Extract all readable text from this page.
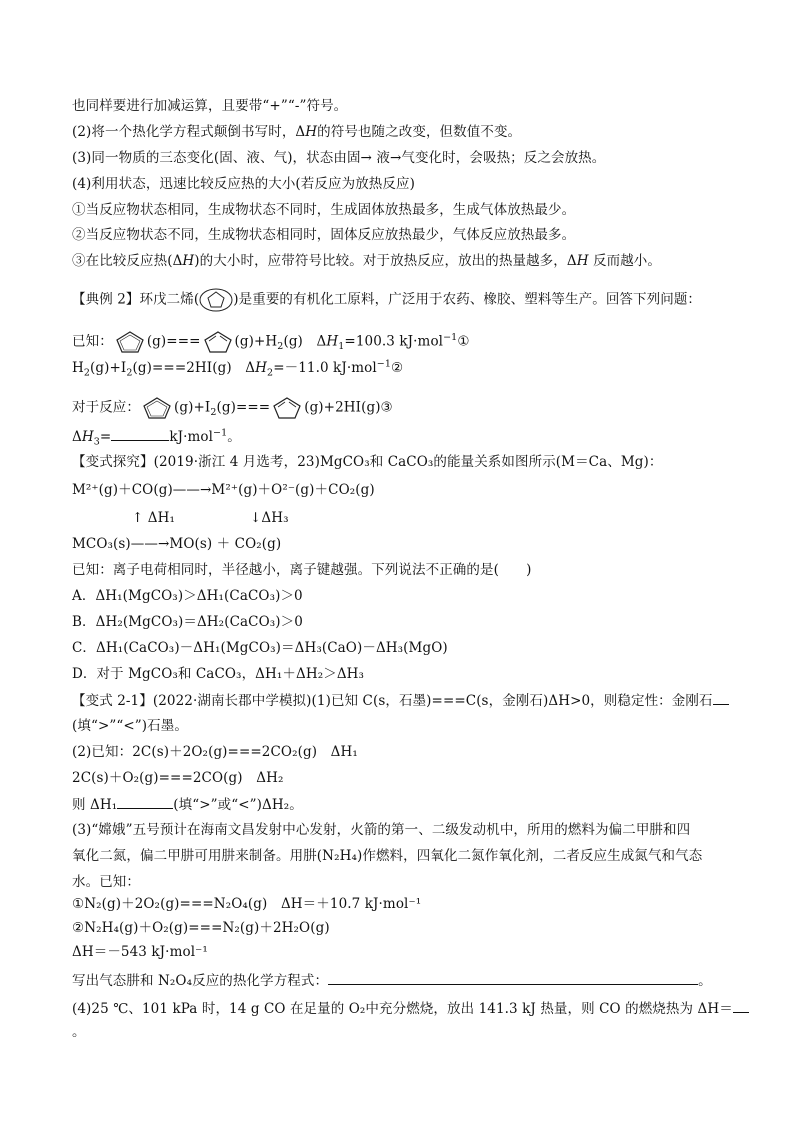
也同样要进行加减运算，且要带“+”“-”符号。
(2)将一个热化学方程式颠倒书写时，ΔH的符号也随之改变，但数值不变。
(3)同一物质的三态变化(固、液、气)，状态由固→ 液→气变化时，会吸热；反之会放热。
(4)利用状态，迅速比较反应热的大小(若反应为放热反应)
①当反应物状态相同，生成物状态不同时，生成固体放热最多，生成气体放热最少。
②当反应物状态不同，生成物状态相同时，固体反应放热最少，气体反应放热最多。
③在比较反应热(ΔH)的大小时，应带符号比较。对于放热反应，放出的热量越多，ΔH 反而越小。
【典例 2】环戊二烯(	)是重要的有机化工原料，广泛用于农药、橡胶、塑料等生产。回答下列问题：
已知：	(g)===	$(g)+H_2(g)$　$\Delta H_1=100.3$ kJ·mol$^{-1}$①
$H_2(g)+I_2(g)===2HI(g)$　$\Delta H_2=-11.0$ kJ·mol$^{-1}$②
对于反应：	$(g)+I_2(g)===$	(g)+2HI(g)③
$\Delta H_3=$	kJ·mol$^{-1}$。
【变式探究】(2019·浙江 4 月选考，23)MgCO₃和 CaCO₃的能量关系如图所示(M＝Ca、Mg)：
M²⁺(g)＋CO(g)——→M²⁺(g)＋O²⁻(g)＋CO₂(g)
↑ ΔH₁	↓ΔH₃
MCO₃(s)——→MO(s) ＋ CO₂(g)
已知：离子电荷相同时，半径越小，离子键越强。下列说法不正确的是(　　)
A．ΔH₁(MgCO₃)＞ΔH₁(CaCO₃)＞0
B．ΔH₂(MgCO₃)＝ΔH₂(CaCO₃)＞0
C．ΔH₁(CaCO₃)－ΔH₁(MgCO₃)＝ΔH₃(CaO)－ΔH₃(MgO)
D．对于 MgCO₃和 CaCO₃，ΔH₁＋ΔH₂＞ΔH₃
【变式 2-1】(2022·湖南长郡中学模拟)(1)已知 C(s，石墨)===C(s，金刚石)ΔH>0，则稳定性：金刚石
(填“>”“<”)石墨。
(2)已知：2C(s)＋2O₂(g)===2CO₂(g)　ΔH₁
2C(s)＋O₂(g)===2CO(g)　ΔH₂
则 ΔH₁	(填“>”或“<”)ΔH₂。
(3)“嫦娥”五号预计在海南文昌发射中心发射，火箭的第一、二级发动机中，所用的燃料为偏二甲肼和四
氧化二氮，偏二甲肼可用肼来制备。用肼(N₂H₄)作燃料，四氧化二氮作氧化剂，二者反应生成氮气和气态
水。已知：
①N₂(g)＋2O₂(g)===N₂O₄(g)　ΔH＝＋10.7 kJ·mol⁻¹
②N₂H₄(g)＋O₂(g)===N₂(g)＋2H₂O(g)
ΔH＝－543 kJ·mol⁻¹
写出气态肼和 N₂O₄反应的热化学方程式：	。
(4)25 ℃、101 kPa 时，14 g CO 在足量的 O₂中充分燃烧，放出 141.3 kJ 热量，则 CO 的燃烧热为 ΔH＝
。
